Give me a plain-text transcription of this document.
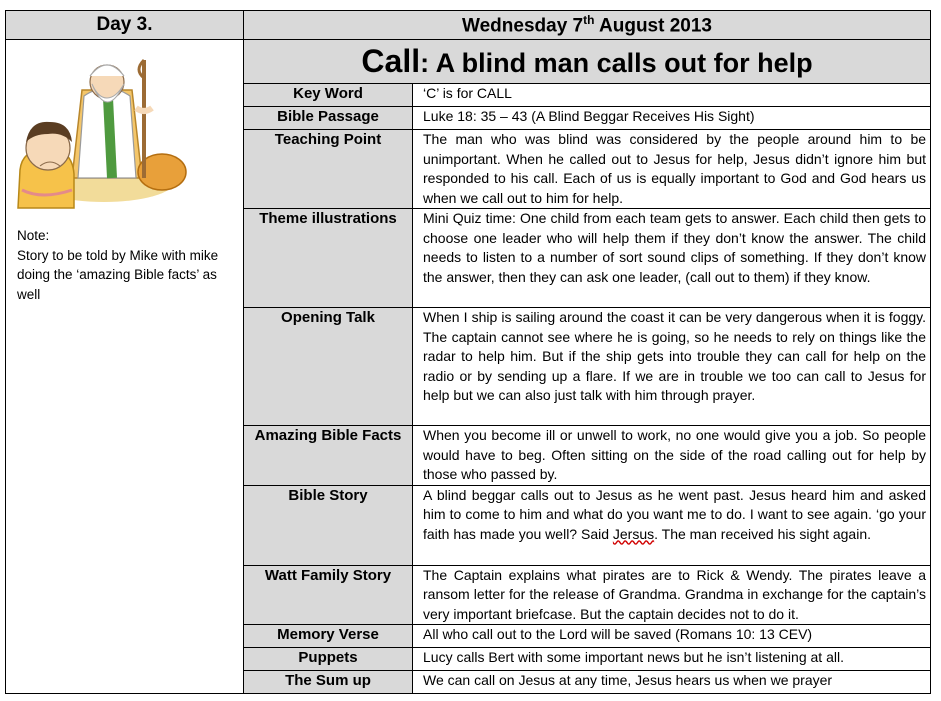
Day 3.	Wednesday 7th August 2013	

Note:
Story to be told by Mike with mike doing the ‘amazing Bible facts’ as well	Call: A blind man calls out for help	
	Key Word	‘C’ is for CALL
	Bible Passage	Luke 18: 35 – 43 (A Blind Beggar Receives His Sight)
	Teaching Point	The man who was blind was considered by the people around him to be unimportant. When he called out to Jesus for help, Jesus didn’t ignore him but responded to his call. Each of us is equally important to God and God hears us when we call out to him for help.
	Theme illustrations	Mini Quiz time: One child from each team gets to answer. Each child then gets to choose one leader who will help them if they don’t know the answer. The child needs to listen to a number of sort sound clips of something. If they don’t know the answer, then they can ask one leader, (call out to them) if they know.
	Opening Talk	When I ship is sailing around the coast it can be very dangerous when it is foggy. The captain cannot see where he is going, so he needs to rely on things like the radar to help him. But if the ship gets into trouble they can call for help on the radio or by sending up a flare. If we are in trouble we too can call to Jesus for help but we can also just talk with him through prayer.
	Amazing Bible Facts	When you become ill or unwell to work, no one would give you a job. So people would have to beg. Often sitting on the side of the road calling out for help by those who passed by.
	Bible Story	A blind beggar calls out to Jesus as he went past. Jesus heard him and asked him to come to him and what do you want me to do. I want to see again. ‘go your faith has made you well? Said Jersus. The man received his sight again.
	Watt Family Story	The Captain explains what pirates are to Rick & Wendy. The pirates leave a ransom letter for the release of Grandma. Grandma in exchange for the captain’s very important briefcase. But the captain decides not to do it.
	Memory Verse	All who call out to the Lord will be saved (Romans 10: 13 CEV)
	Puppets	Lucy calls Bert with some important news but he isn’t listening at all.
	The Sum up	We can call on Jesus at any time, Jesus hears us when we prayer
